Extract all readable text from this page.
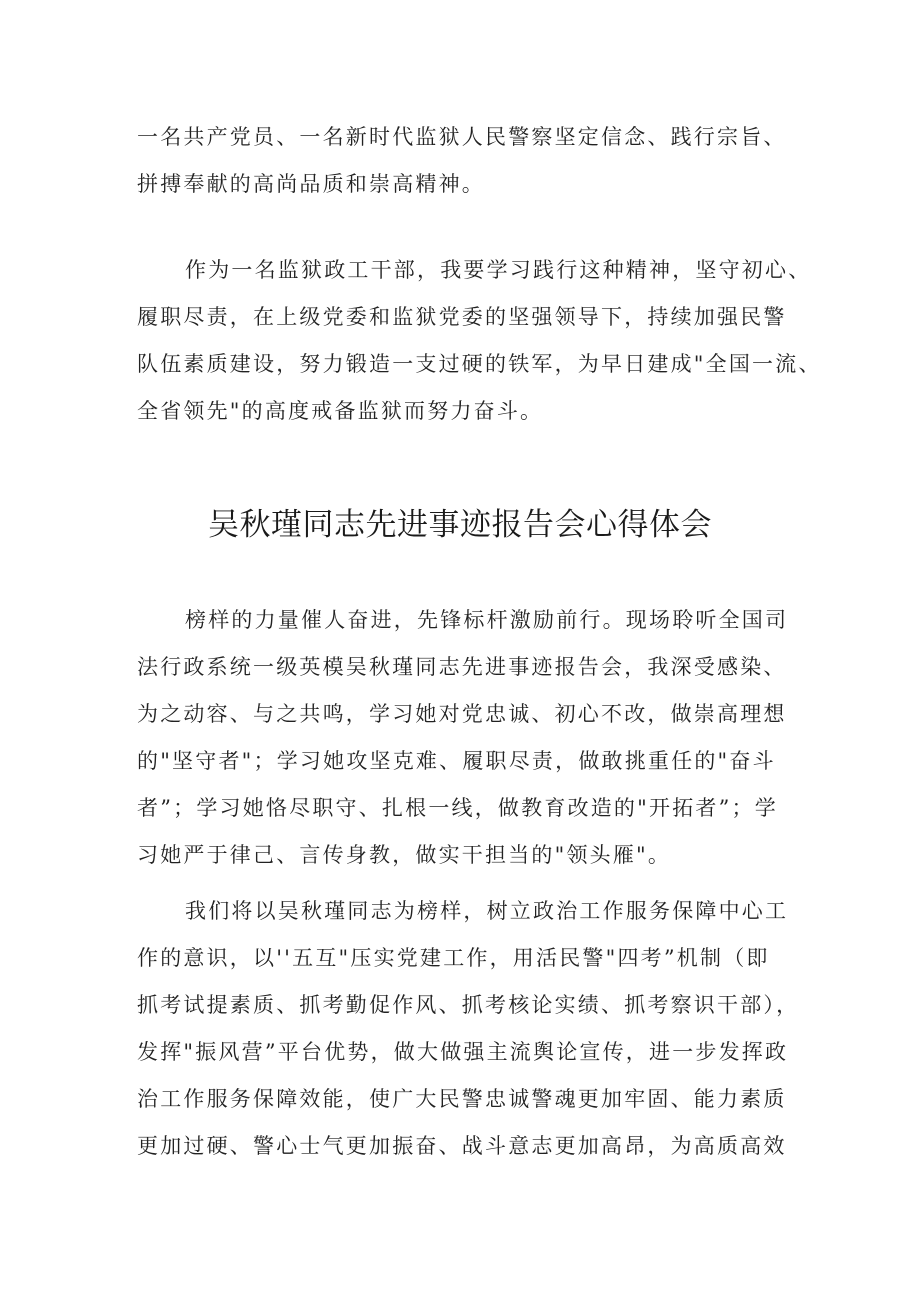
一名共产党员、一名新时代监狱人民警察坚定信念、践行宗旨、
拼搏奉献的高尚品质和崇高精神。
作为一名监狱政工干部，我要学习践行这种精神，坚守初心、
履职尽责，在上级党委和监狱党委的坚强领导下，持续加强民警
队伍素质建设，努力锻造一支过硬的铁军，为早日建成"全国一流、
全省领先"的高度戒备监狱而努力奋斗。
吴秋瑾同志先进事迹报告会心得体会
榜样的力量催人奋进，先锋标杆激励前行。现场聆听全国司
法行政系统一级英模吴秋瑾同志先进事迹报告会，我深受感染、
为之动容、与之共鸣，学习她对党忠诚、初心不改，做崇高理想
的"坚守者"；学习她攻坚克难、履职尽责，做敢挑重任的"奋斗
者”；学习她恪尽职守、扎根一线，做教育改造的"开拓者”；学
习她严于律己、言传身教，做实干担当的"领头雁"。
我们将以吴秋瑾同志为榜样，树立政治工作服务保障中心工
作的意识，以''五互"压实党建工作，用活民警"四考”机制（即
抓考试提素质、抓考勤促作风、抓考核论实绩、抓考察识干部），
发挥"振风营”平台优势，做大做强主流舆论宣传，进一步发挥政
治工作服务保障效能，使广大民警忠诚警魂更加牢固、能力素质
更加过硬、警心士气更加振奋、战斗意志更加高昂，为高质高效
